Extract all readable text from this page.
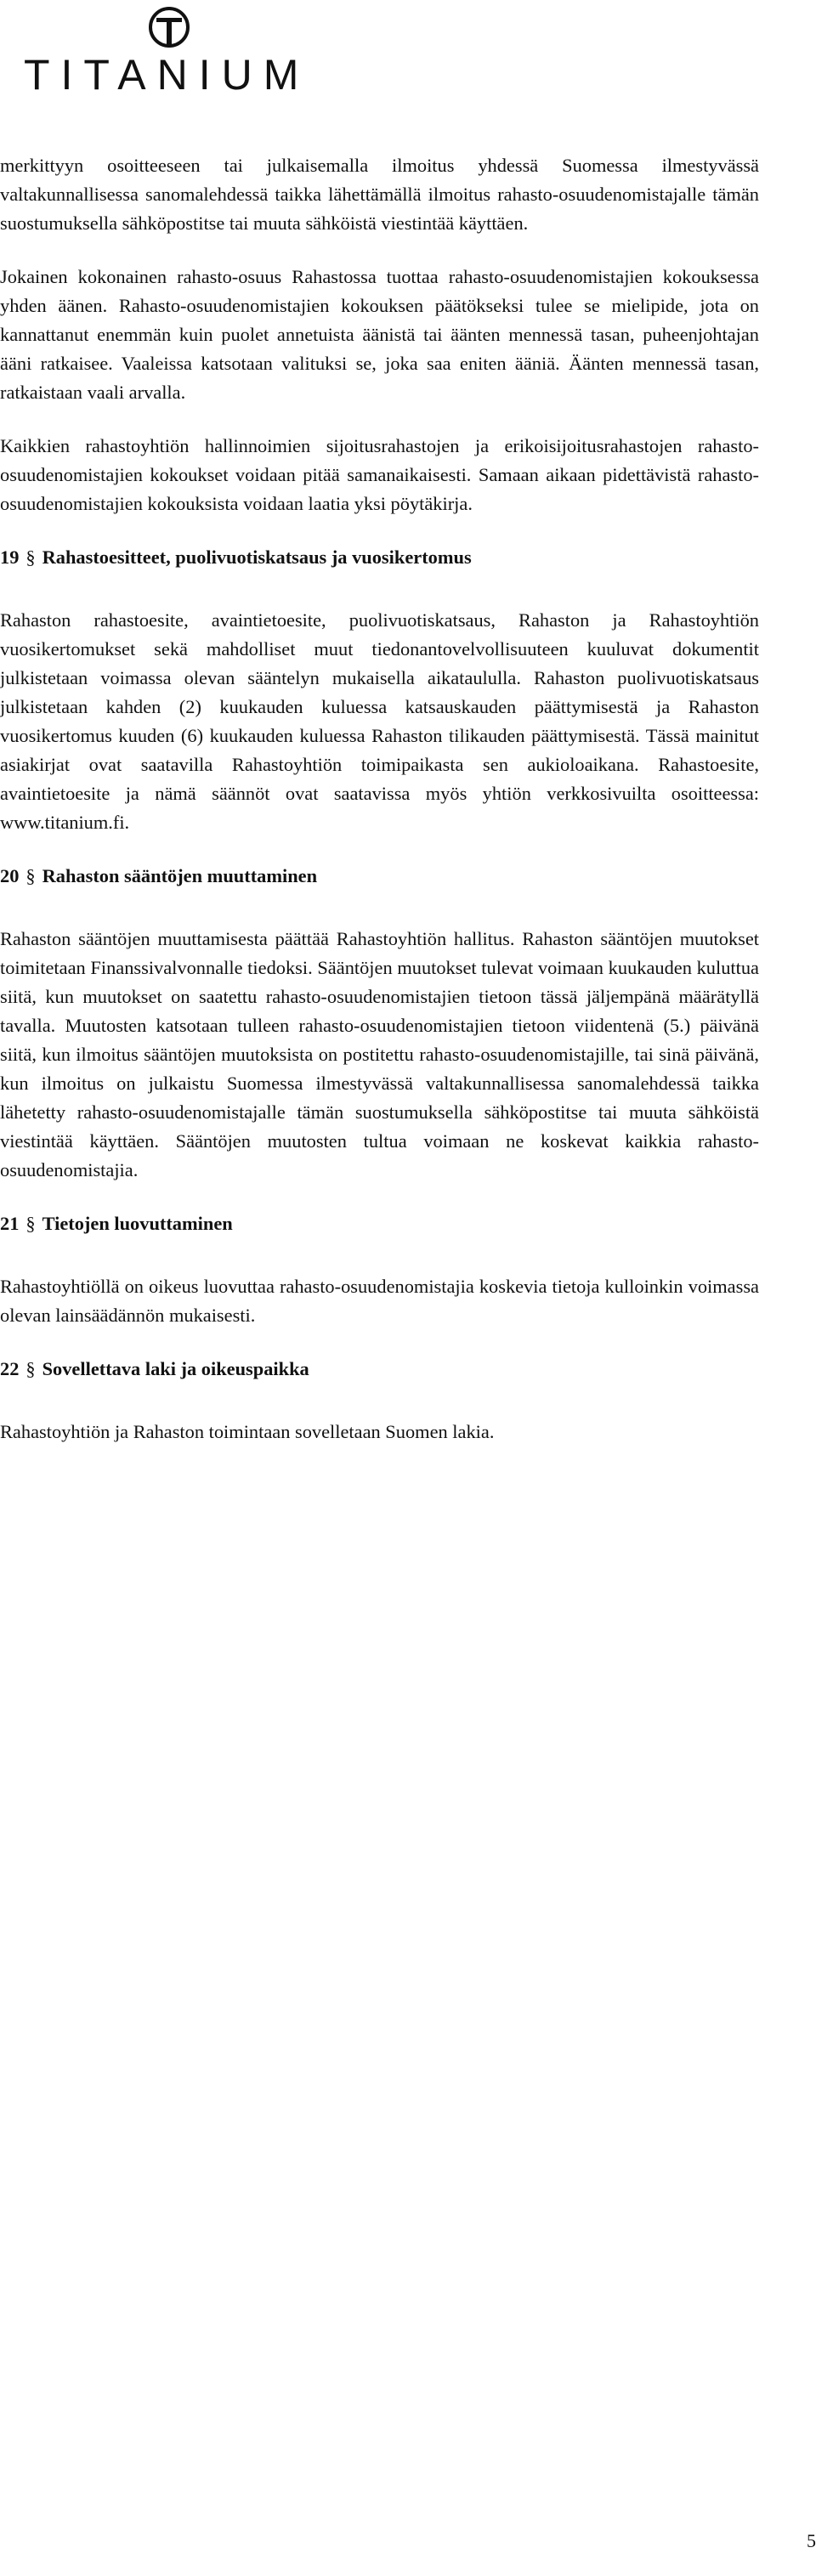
TITANIUM

merkittyyn osoitteeseen tai julkaisemalla ilmoitus yhdessä Suomessa ilmestyvässä valtakunnallisessa sanomalehdessä taikka lähettämällä ilmoitus rahasto-osuudenomistajalle tämän suostumuksella sähköpostitse tai muuta sähköistä viestintää käyttäen.

Jokainen kokonainen rahasto-osuus Rahastossa tuottaa rahasto-osuudenomistajien kokouksessa yhden äänen. Rahasto-osuudenomistajien kokouksen päätökseksi tulee se mielipide, jota on kannattanut enemmän kuin puolet annetuista äänistä tai äänten mennessä tasan, puheenjohtajan ääni ratkaisee. Vaaleissa katsotaan valituksi se, joka saa eniten ääniä. Äänten mennessä tasan, ratkaistaan vaali arvalla.

Kaikkien rahastoyhtiön hallinnoimien sijoitusrahastojen ja erikoisijoitusrahastojen rahasto-osuudenomistajien kokoukset voidaan pitää samanaikaisesti. Samaan aikaan pidettävistä rahasto-osuudenomistajien kokouksista voidaan laatia yksi pöytäkirja.

19 § Rahastoesitteet, puolivuotiskatsaus ja vuosikertomus

Rahaston rahastoesite, avaintietoesite, puolivuotiskatsaus, Rahaston ja Rahastoyhtiön vuosikertomukset sekä mahdolliset muut tiedonantovelvollisuuteen kuuluvat dokumentit julkistetaan voimassa olevan sääntelyn mukaisella aikataululla. Rahaston puolivuotiskatsaus julkistetaan kahden (2) kuukauden kuluessa katsauskauden päättymisestä ja Rahaston vuosikertomus kuuden (6) kuukauden kuluessa Rahaston tilikauden päättymisestä. Tässä mainitut asiakirjat ovat saatavilla Rahastoyhtiön toimipaikasta sen aukioloaikana. Rahastoesite, avaintietoesite ja nämä säännöt ovat saatavissa myös yhtiön verkkosivuilta osoitteessa: www.titanium.fi.

20 § Rahaston sääntöjen muuttaminen

Rahaston sääntöjen muuttamisesta päättää Rahastoyhtiön hallitus. Rahaston sääntöjen muutokset toimitetaan Finanssivalvonnalle tiedoksi. Sääntöjen muutokset tulevat voimaan kuukauden kuluttua siitä, kun muutokset on saatettu rahasto-osuudenomistajien tietoon tässä jäljempänä määrätyllä tavalla. Muutosten katsotaan tulleen rahasto-osuudenomistajien tietoon viidentenä (5.) päivänä siitä, kun ilmoitus sääntöjen muutoksista on postitettu rahasto-osuudenomistajille, tai sinä päivänä, kun ilmoitus on julkaistu Suomessa ilmestyvässä valtakunnallisessa sanomalehdessä taikka lähetetty rahasto-osuudenomistajalle tämän suostumuksella sähköpostitse tai muuta sähköistä viestintää käyttäen. Sääntöjen muutosten tultua voimaan ne koskevat kaikkia rahasto-osuudenomistajia.

21 § Tietojen luovuttaminen

Rahastoyhtiöllä on oikeus luovuttaa rahasto-osuudenomistajia koskevia tietoja kulloinkin voimassa olevan lainsäädännön mukaisesti.

22 § Sovellettava laki ja oikeuspaikka

Rahastoyhtiön ja Rahaston toimintaan sovelletaan Suomen lakia.

5
